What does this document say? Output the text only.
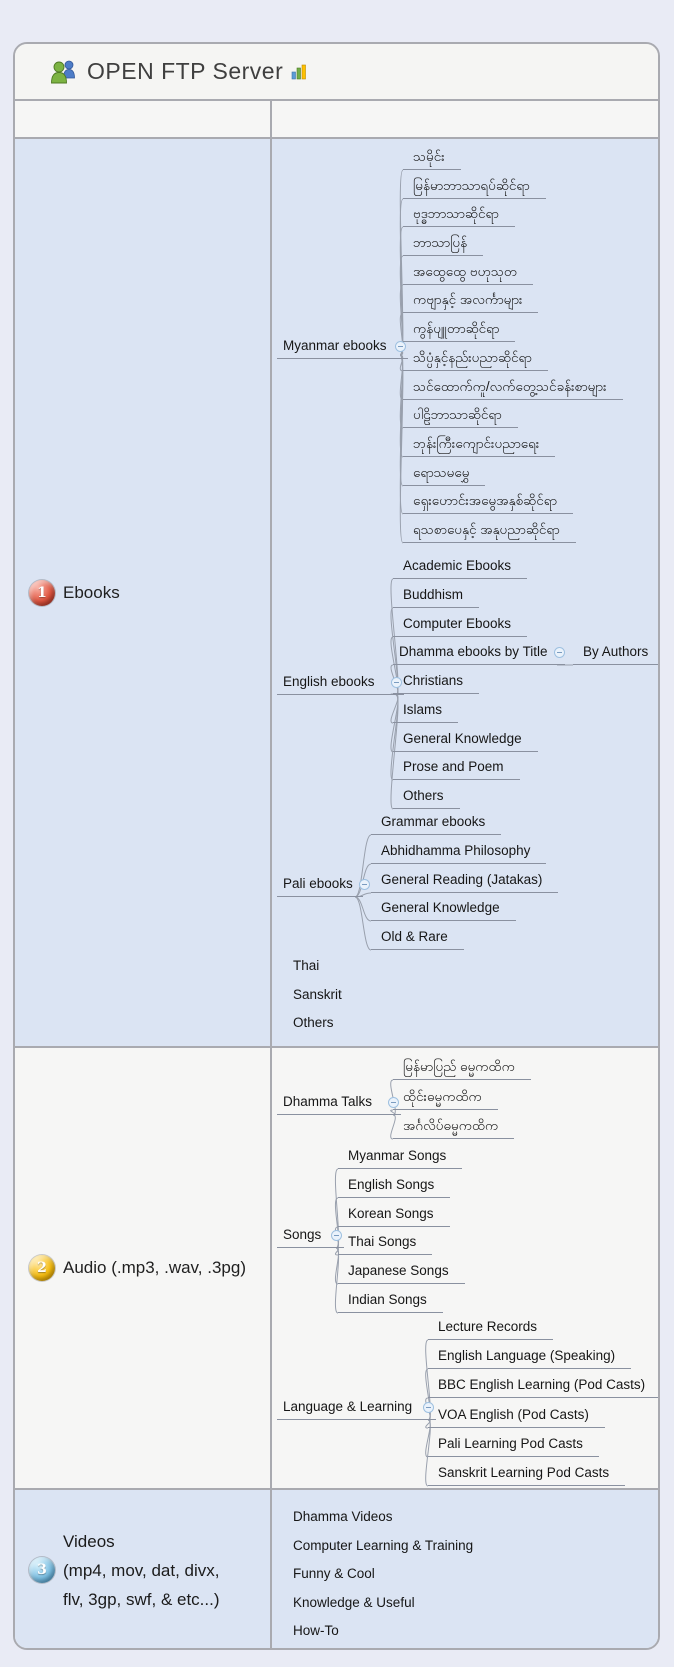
OPEN FTP Server
1 Ebooks
Myanmar ebooks
သမိုင်း
မြန်မာဘာသာရပ်ဆိုင်ရာ
ဗုဒ္ဓဘာသာဆိုင်ရာ
ဘာသာပြန်
အထွေထွေ ဗဟုသုတ
ကဗျာနှင့် အလင်္ကာများ
ကွန်ပျူတာဆိုင်ရာ
သိပ္ပံနှင့်နည်းပညာဆိုင်ရာ
သင်ထောက်ကူ/လက်တွေ့သင်ခန်းစာများ
ပါဠိဘာသာဆိုင်ရာ
ဘုန်းကြီးကျောင်းပညာရေး
ရောသမမွှေ
ရှေးဟောင်းအမွေအနှစ်ဆိုင်ရာ
ရသစာပေနှင့် အနုပညာဆိုင်ရာ
English ebooks
Academic Ebooks
Buddhism
Computer Ebooks
Dhamma ebooks by Title	By Authors
Christians
Islams
General Knowledge
Prose and Poem
Others
Pali ebooks
Grammar ebooks
Abhidhamma Philosophy
General Reading (Jatakas)
General Knowledge
Old & Rare
Thai
Sanskrit
Others
2 Audio (.mp3, .wav, .3pg)
Dhamma Talks
မြန်မာပြည် ဓမ္မကထိက
ထိုင်းဓမ္မကထိက
အင်္ဂလိပ်ဓမ္မကထိက
Songs
Myanmar Songs
English Songs
Korean Songs
Thai Songs
Japanese Songs
Indian Songs
Language & Learning
Lecture Records
English Language (Speaking)
BBC English Learning (Pod Casts)
VOA English (Pod Casts)
Pali Learning Pod Casts
Sanskrit Learning Pod Casts
3
Videos
(mp4, mov, dat, divx,
flv, 3gp, swf, & etc...)
Dhamma Videos
Computer Learning & Training
Funny & Cool
Knowledge & Useful
How-To
